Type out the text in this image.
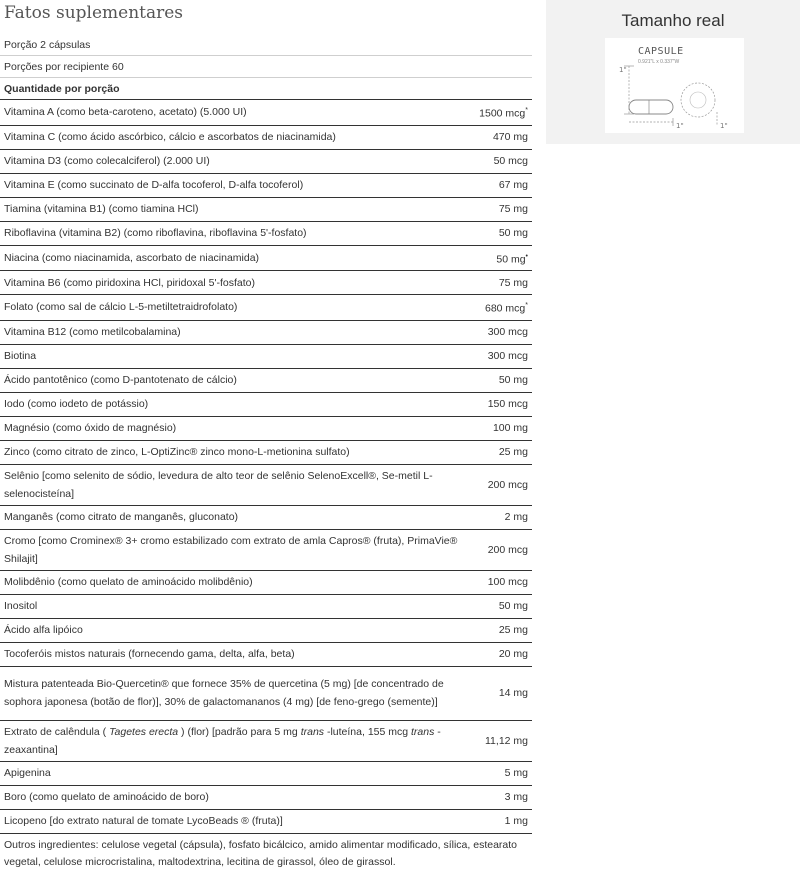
Fatos suplementares
Porção 2 cápsulas
Porções por recipiente 60
Quantidade por porção
Vitamina A (como beta-caroteno, acetato) (5.000 UI)	1500 mcg*
Vitamina C (como ácido ascórbico, cálcio e ascorbatos de niacinamida)	470 mg
Vitamina D3 (como colecalciferol) (2.000 UI)	50 mcg
Vitamina E (como succinato de D-alfa tocoferol, D-alfa tocoferol)	67 mg
Tiamina (vitamina B1) (como tiamina HCl)	75 mg
Riboflavina (vitamina B2) (como riboflavina, riboflavina 5'-fosfato)	50 mg
Niacina (como niacinamida, ascorbato de niacinamida)	50 mg•
Vitamina B6 (como piridoxina HCl, piridoxal 5'-fosfato)	75 mg
Folato (como sal de cálcio L-5-metiltetraidrofolato)	680 mcg*
Vitamina B12 (como metilcobalamina)	300 mcg
Biotina	300 mcg
Ácido pantotênico (como D-pantotenato de cálcio)	50 mg
Iodo (como iodeto de potássio)	150 mcg
Magnésio (como óxido de magnésio)	100 mg
Zinco (como citrato de zinco, L-OptiZinc® zinco mono-L-metionina sulfato)	25 mg
Selênio [como selenito de sódio, levedura de alto teor de selênio SelenoExcell®, Se-metil L-selenocisteína]	200 mcg
Manganês (como citrato de manganês, gluconato)	2 mg
Cromo [como Crominex® 3+ cromo estabilizado com extrato de amla Capros® (fruta), PrimaVie® Shilajit]	200 mcg
Molibdênio (como quelato de aminoácido molibdênio)	100 mcg
Inositol	50 mg
Ácido alfa lipóico	25 mg
Tocoferóis mistos naturais (fornecendo gama, delta, alfa, beta)	20 mg
Mistura patenteada Bio-Quercetin® que fornece 35% de quercetina (5 mg) [de concentrado de sophora japonesa (botão de flor)], 30% de galactomananos (4 mg) [de feno-grego (semente)]	14 mg
Extrato de calêndula ( Tagetes erecta ) (flor) [padrão para 5 mg trans -luteína, 155 mcg trans -zeaxantina]	11,12 mg
Apigenina	5 mg
Boro (como quelato de aminoácido de boro)	3 mg
Licopeno [do extrato natural de tomate LycoBeads ® (fruta)]	1 mg
Outros ingredientes: celulose vegetal (cápsula), fosfato bicálcico, amido alimentar modificado, sílica, estearato vegetal, celulose microcristalina, maltodextrina, lecitina de girassol, óleo de girassol.
Tamanho real
CAPSULE
0.921"L x 0.337"W
1"
1"	1"
